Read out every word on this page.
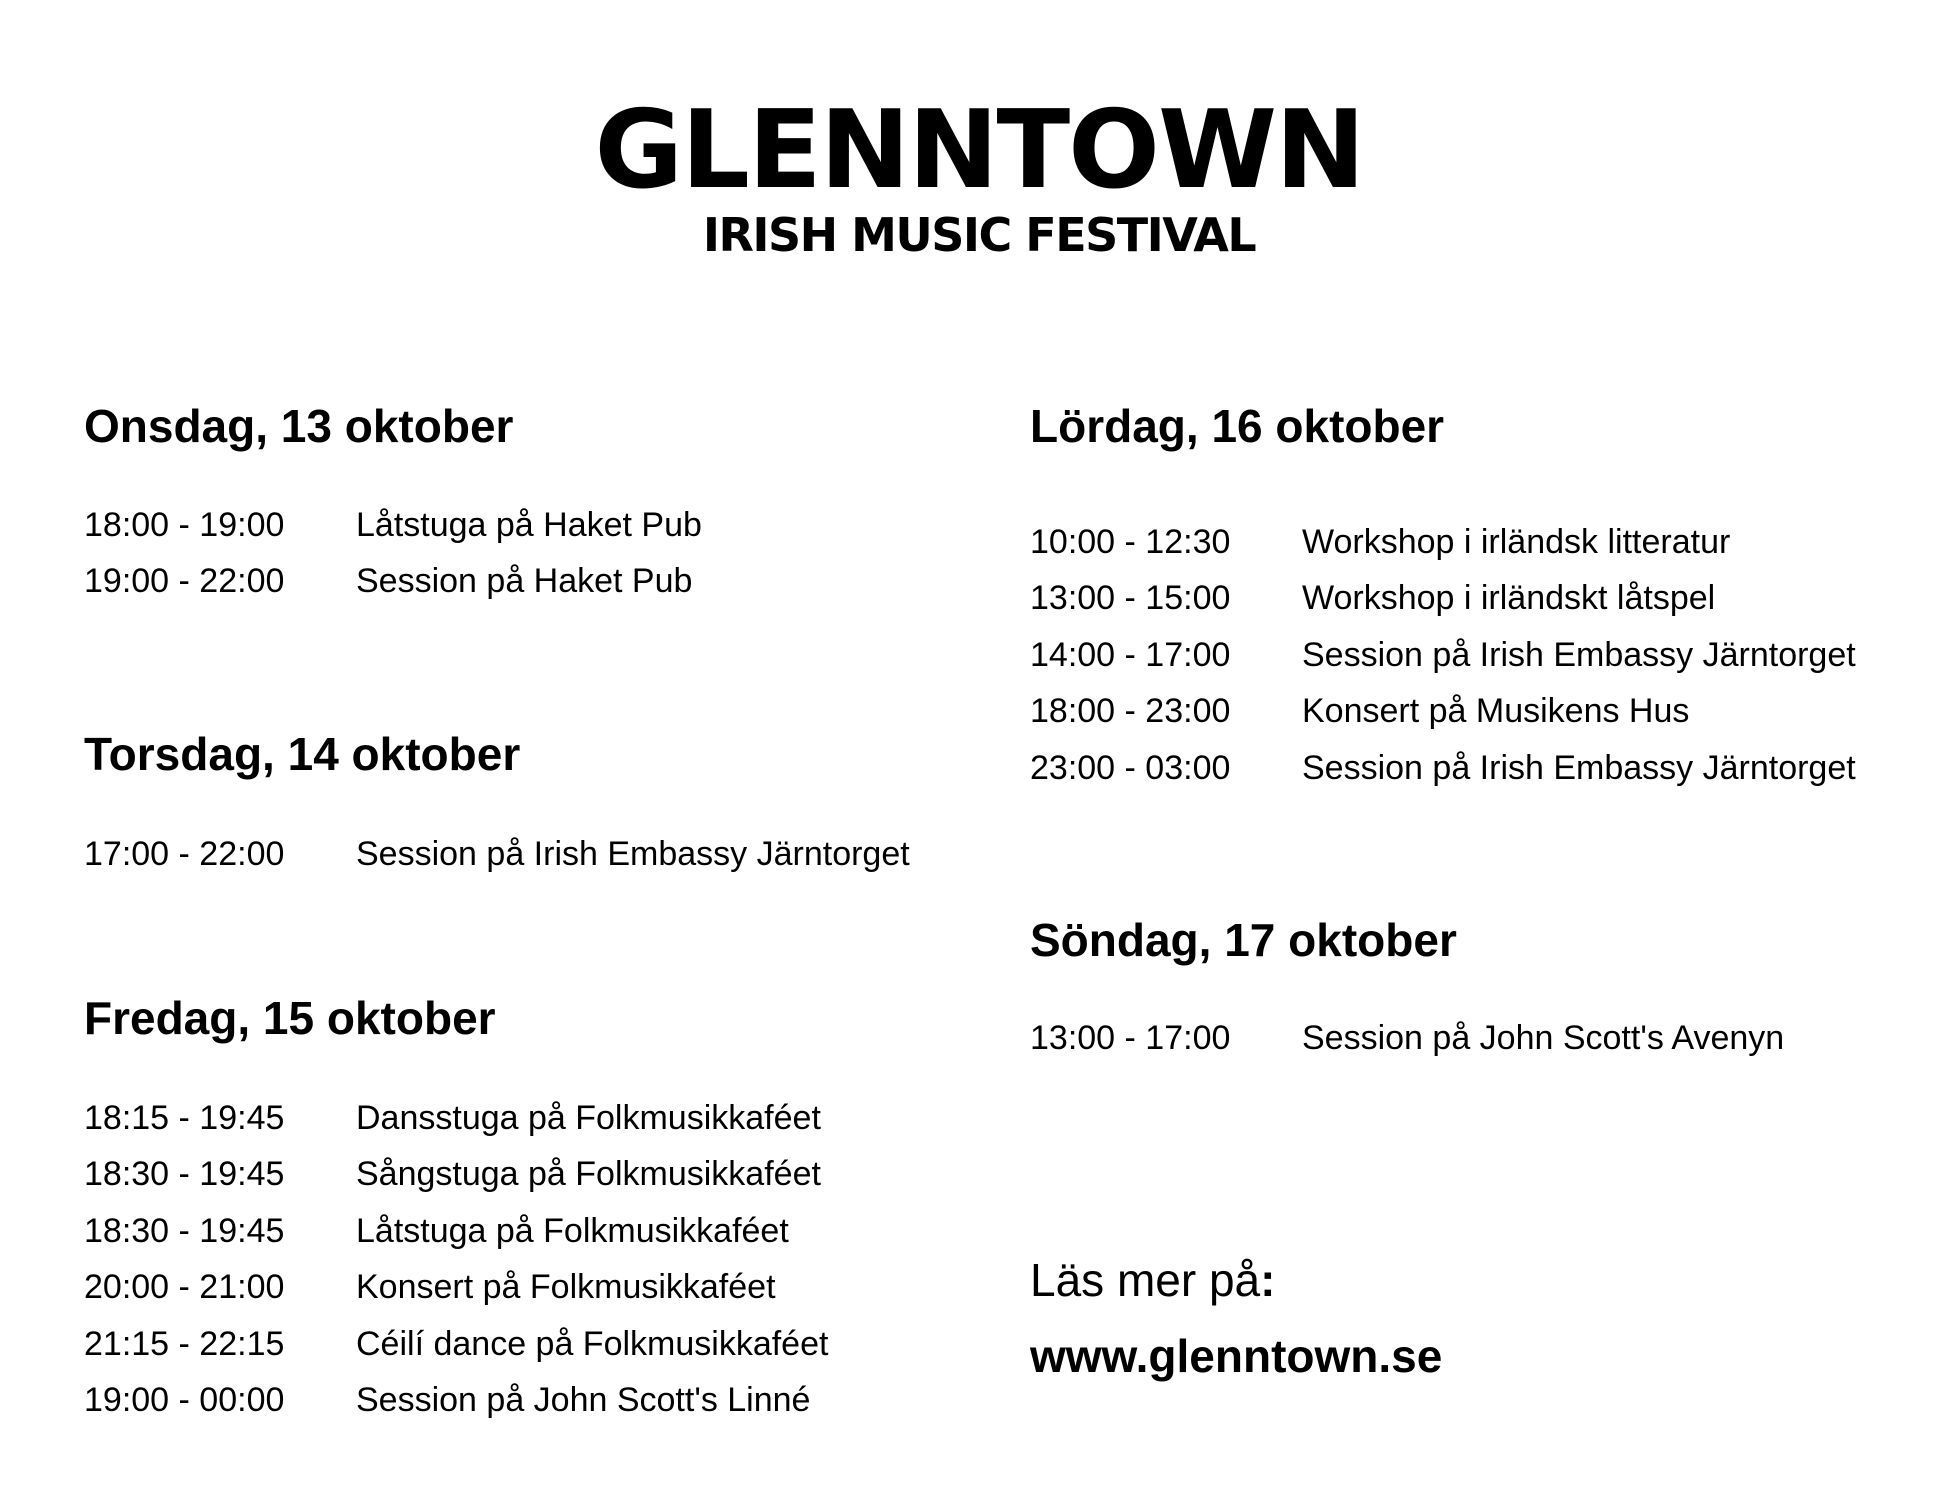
GLENNTOWN
IRISH MUSIC FESTIVAL
Onsdag, 13 oktober
18:00 - 19:00	Låtstuga på Haket Pub
19:00 - 22:00	Session på Haket Pub
Torsdag, 14 oktober
17:00 - 22:00	Session på Irish Embassy Järntorget
Fredag, 15 oktober
18:15 - 19:45	Dansstuga på Folkmusikkaféet
18:30 - 19:45	Sångstuga på Folkmusikkaféet
18:30 - 19:45	Låtstuga på Folkmusikkaféet
20:00 - 21:00	Konsert på Folkmusikkaféet
21:15 - 22:15	Céilí dance på Folkmusikkaféet
19:00 - 00:00	Session på John Scott's Linné
Lördag, 16 oktober
10:00 - 12:30	Workshop i irländsk litteratur
13:00 - 15:00	Workshop i irländskt låtspel
14:00 - 17:00	Session på Irish Embassy Järntorget
18:00 - 23:00	Konsert på Musikens Hus
23:00 - 03:00	Session på Irish Embassy Järntorget
Söndag, 17 oktober
13:00 - 17:00	Session på John Scott's Avenyn
Läs mer på:
www.glenntown.se
